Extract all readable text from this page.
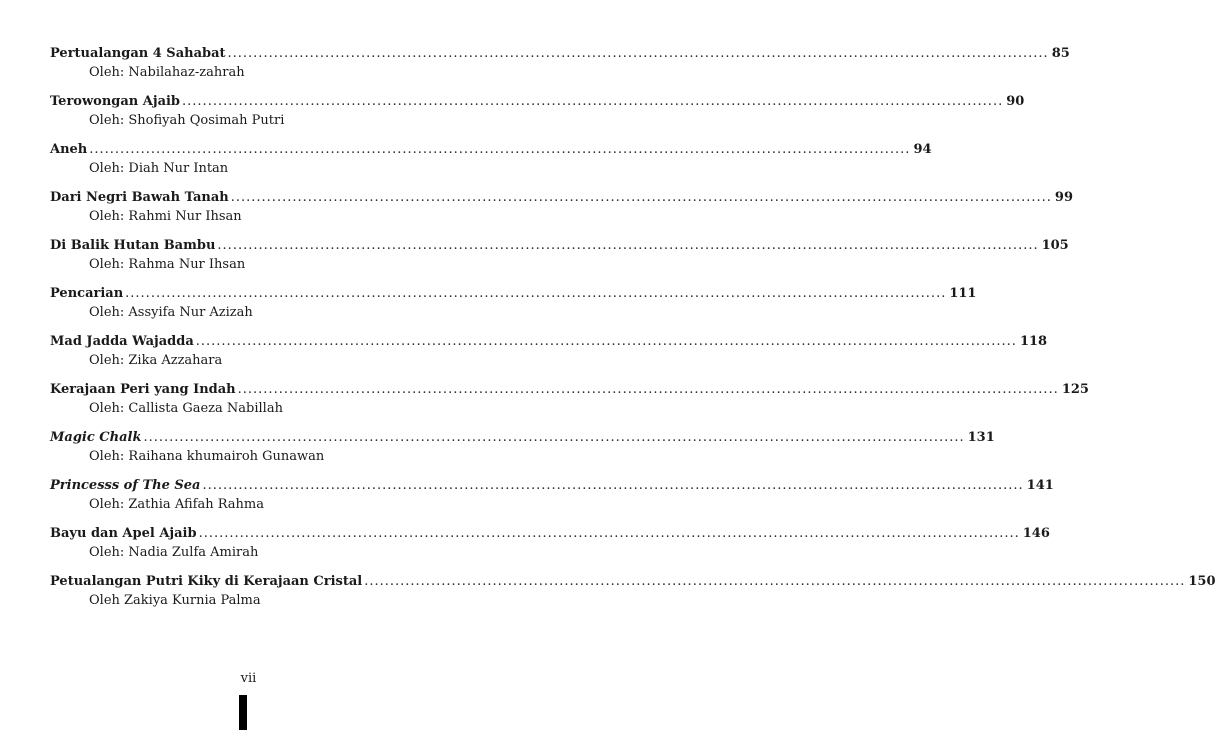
Pertualangan 4 Sahabat ................................................................................................................................................................ 85
Oleh: Nabilahaz-zahrah
Terowongan Ajaib ................................................................................................................................................................ 90
Oleh: Shofiyah Qosimah Putri
Aneh ................................................................................................................................................................ 94
Oleh: Diah Nur Intan
Dari Negri Bawah Tanah ................................................................................................................................................................ 99
Oleh: Rahmi Nur Ihsan
Di Balik Hutan Bambu ................................................................................................................................................................ 105
Oleh: Rahma Nur Ihsan
Pencarian ................................................................................................................................................................ 111
Oleh: Assyifa Nur Azizah
Mad Jadda Wajadda ................................................................................................................................................................ 118
Oleh: Zika Azzahara
Kerajaan Peri yang Indah ................................................................................................................................................................ 125
Oleh: Callista Gaeza Nabillah
Magic Chalk ................................................................................................................................................................ 131
Oleh: Raihana khumairoh Gunawan
Princesss of The Sea ................................................................................................................................................................ 141
Oleh: Zathia Afifah Rahma
Bayu dan Apel Ajaib ................................................................................................................................................................ 146
Oleh: Nadia Zulfa Amirah
Petualangan Putri Kiky di Kerajaan Cristal ................................................................................................................................................................ 150
Oleh Zakiya Kurnia Palma
vii
